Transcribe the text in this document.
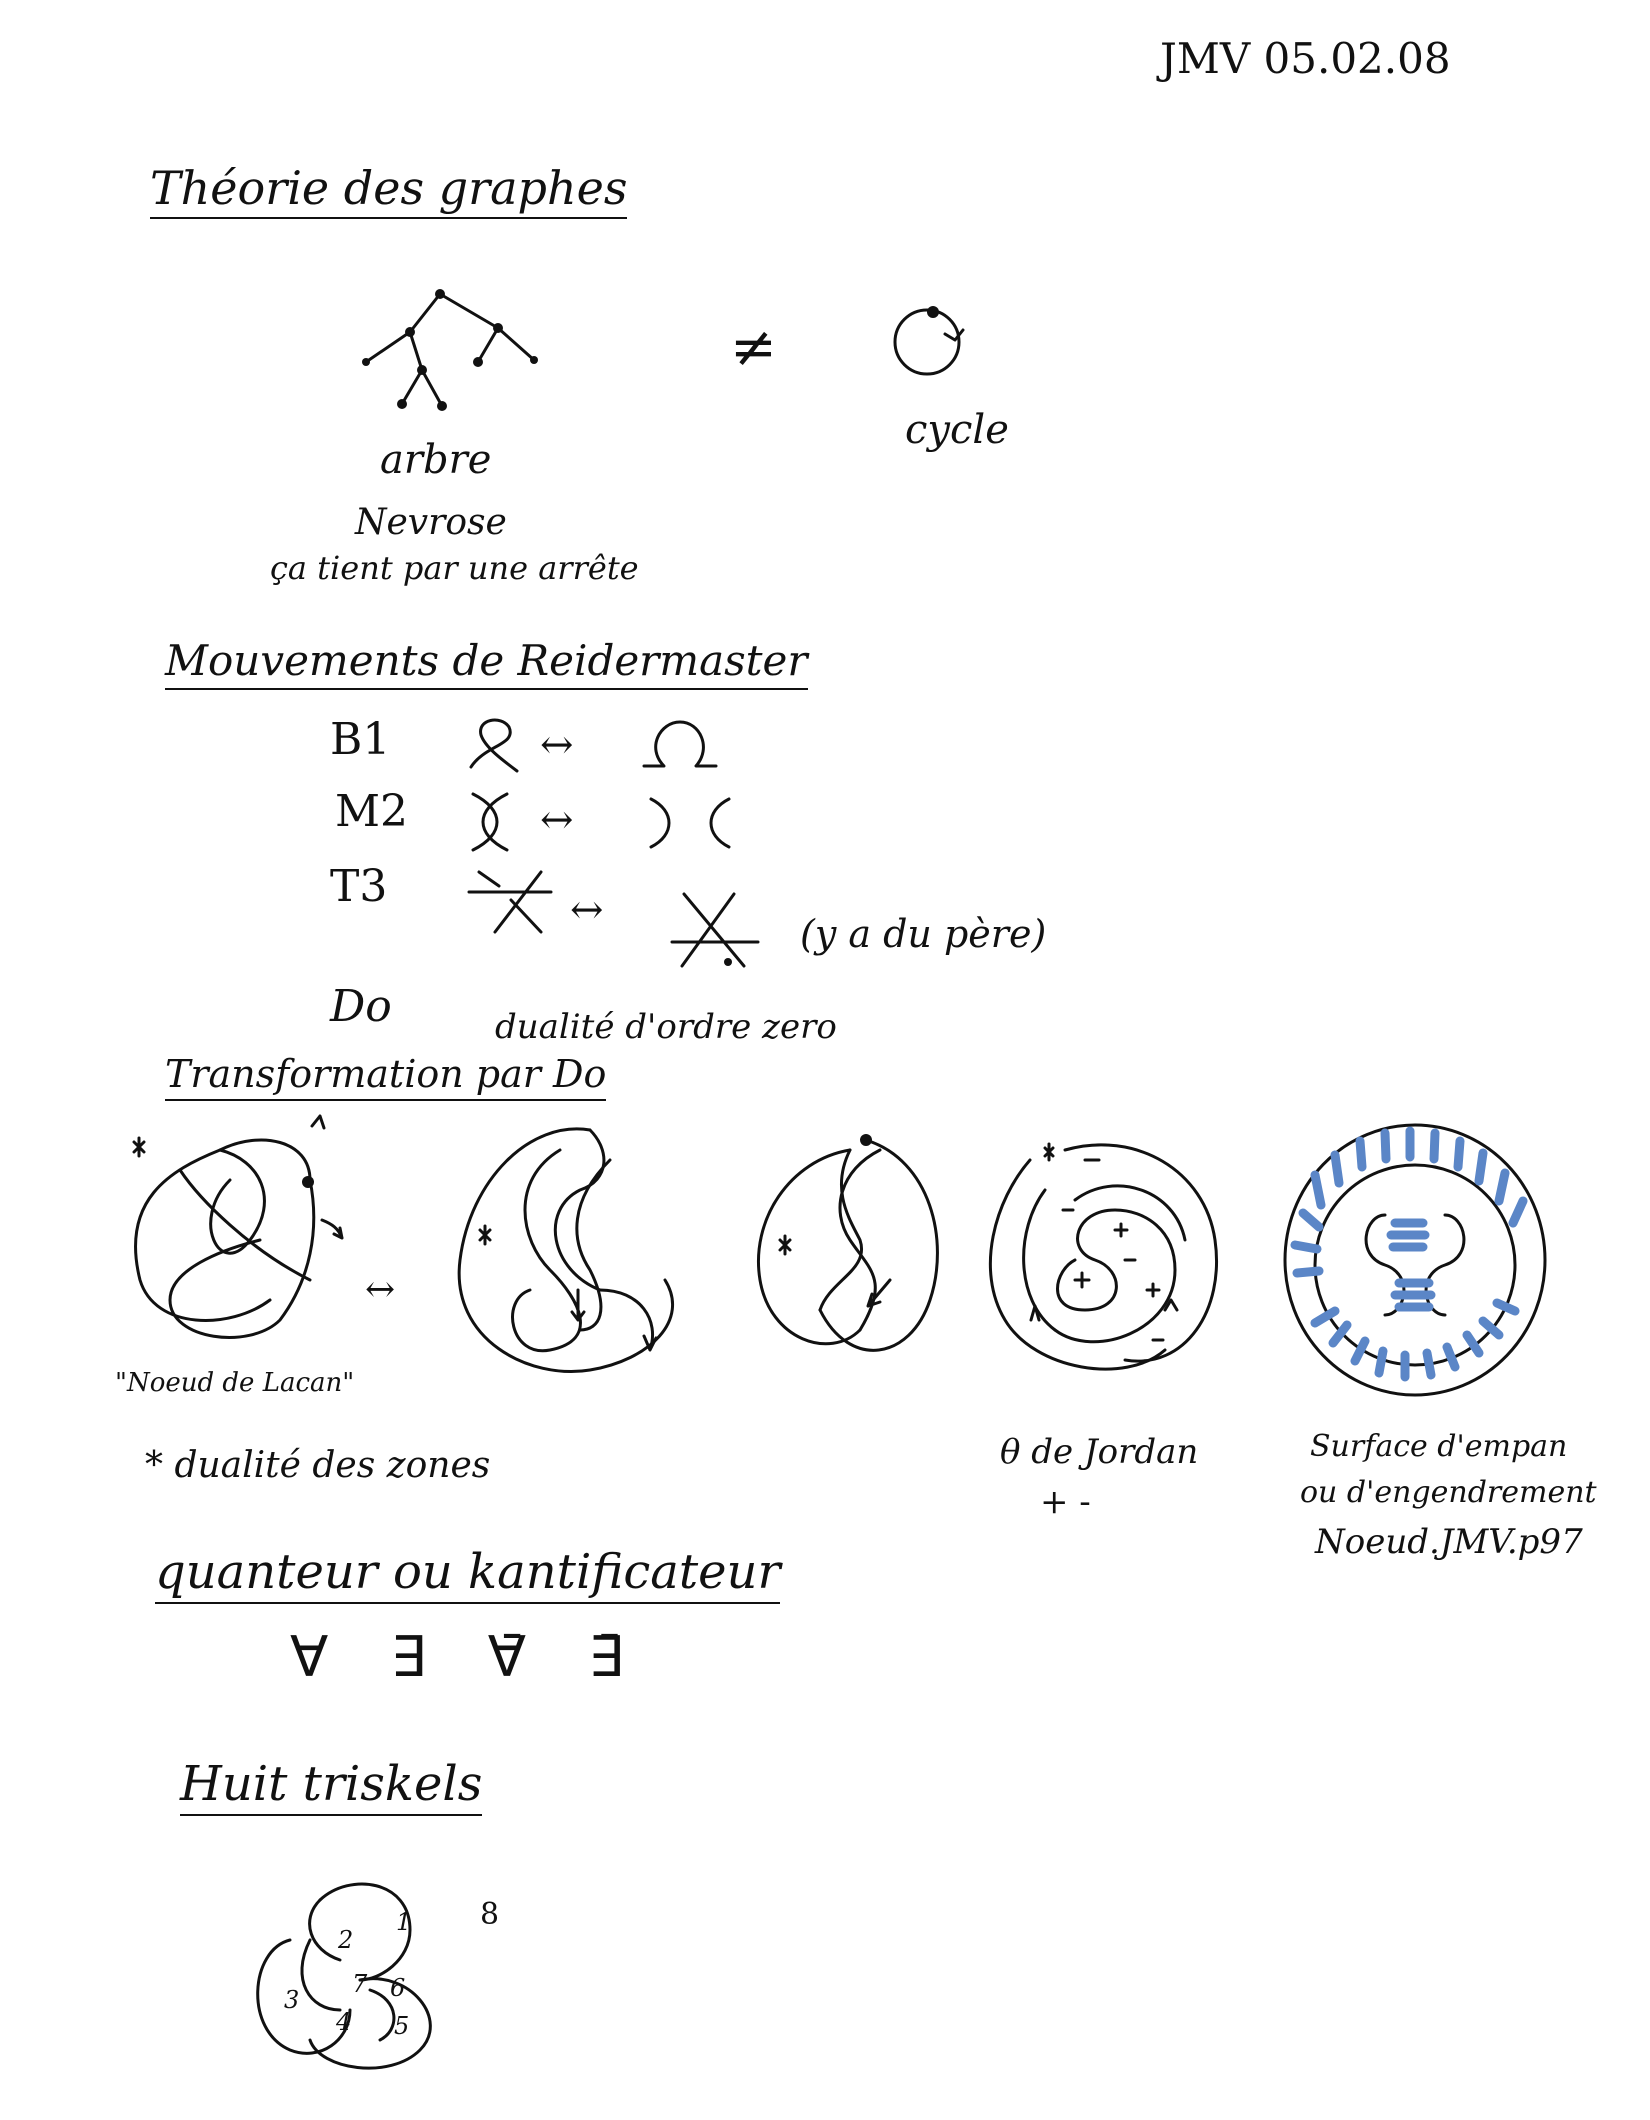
JMV 05.02.08
Théorie des graphes
arbre
≠
cycle
Nevrose
ça tient par une arrête
Mouvements de Reidermaster
B1	↔
M2	↔
T3	↔
(y a du père)
Do	dualité d'ordre zero
Transformation par Do
"Noeud de Lacan"
↔
θ de Jordan
+ -
Surface d'empan
ou d'engendrement
Noeud.JMV.p97
* dualité des zones
quanteur ou kantificateur
∀ ∃ ∀̄ ∃̄
Huit triskels
1
2
3
4 5
6
7
8
